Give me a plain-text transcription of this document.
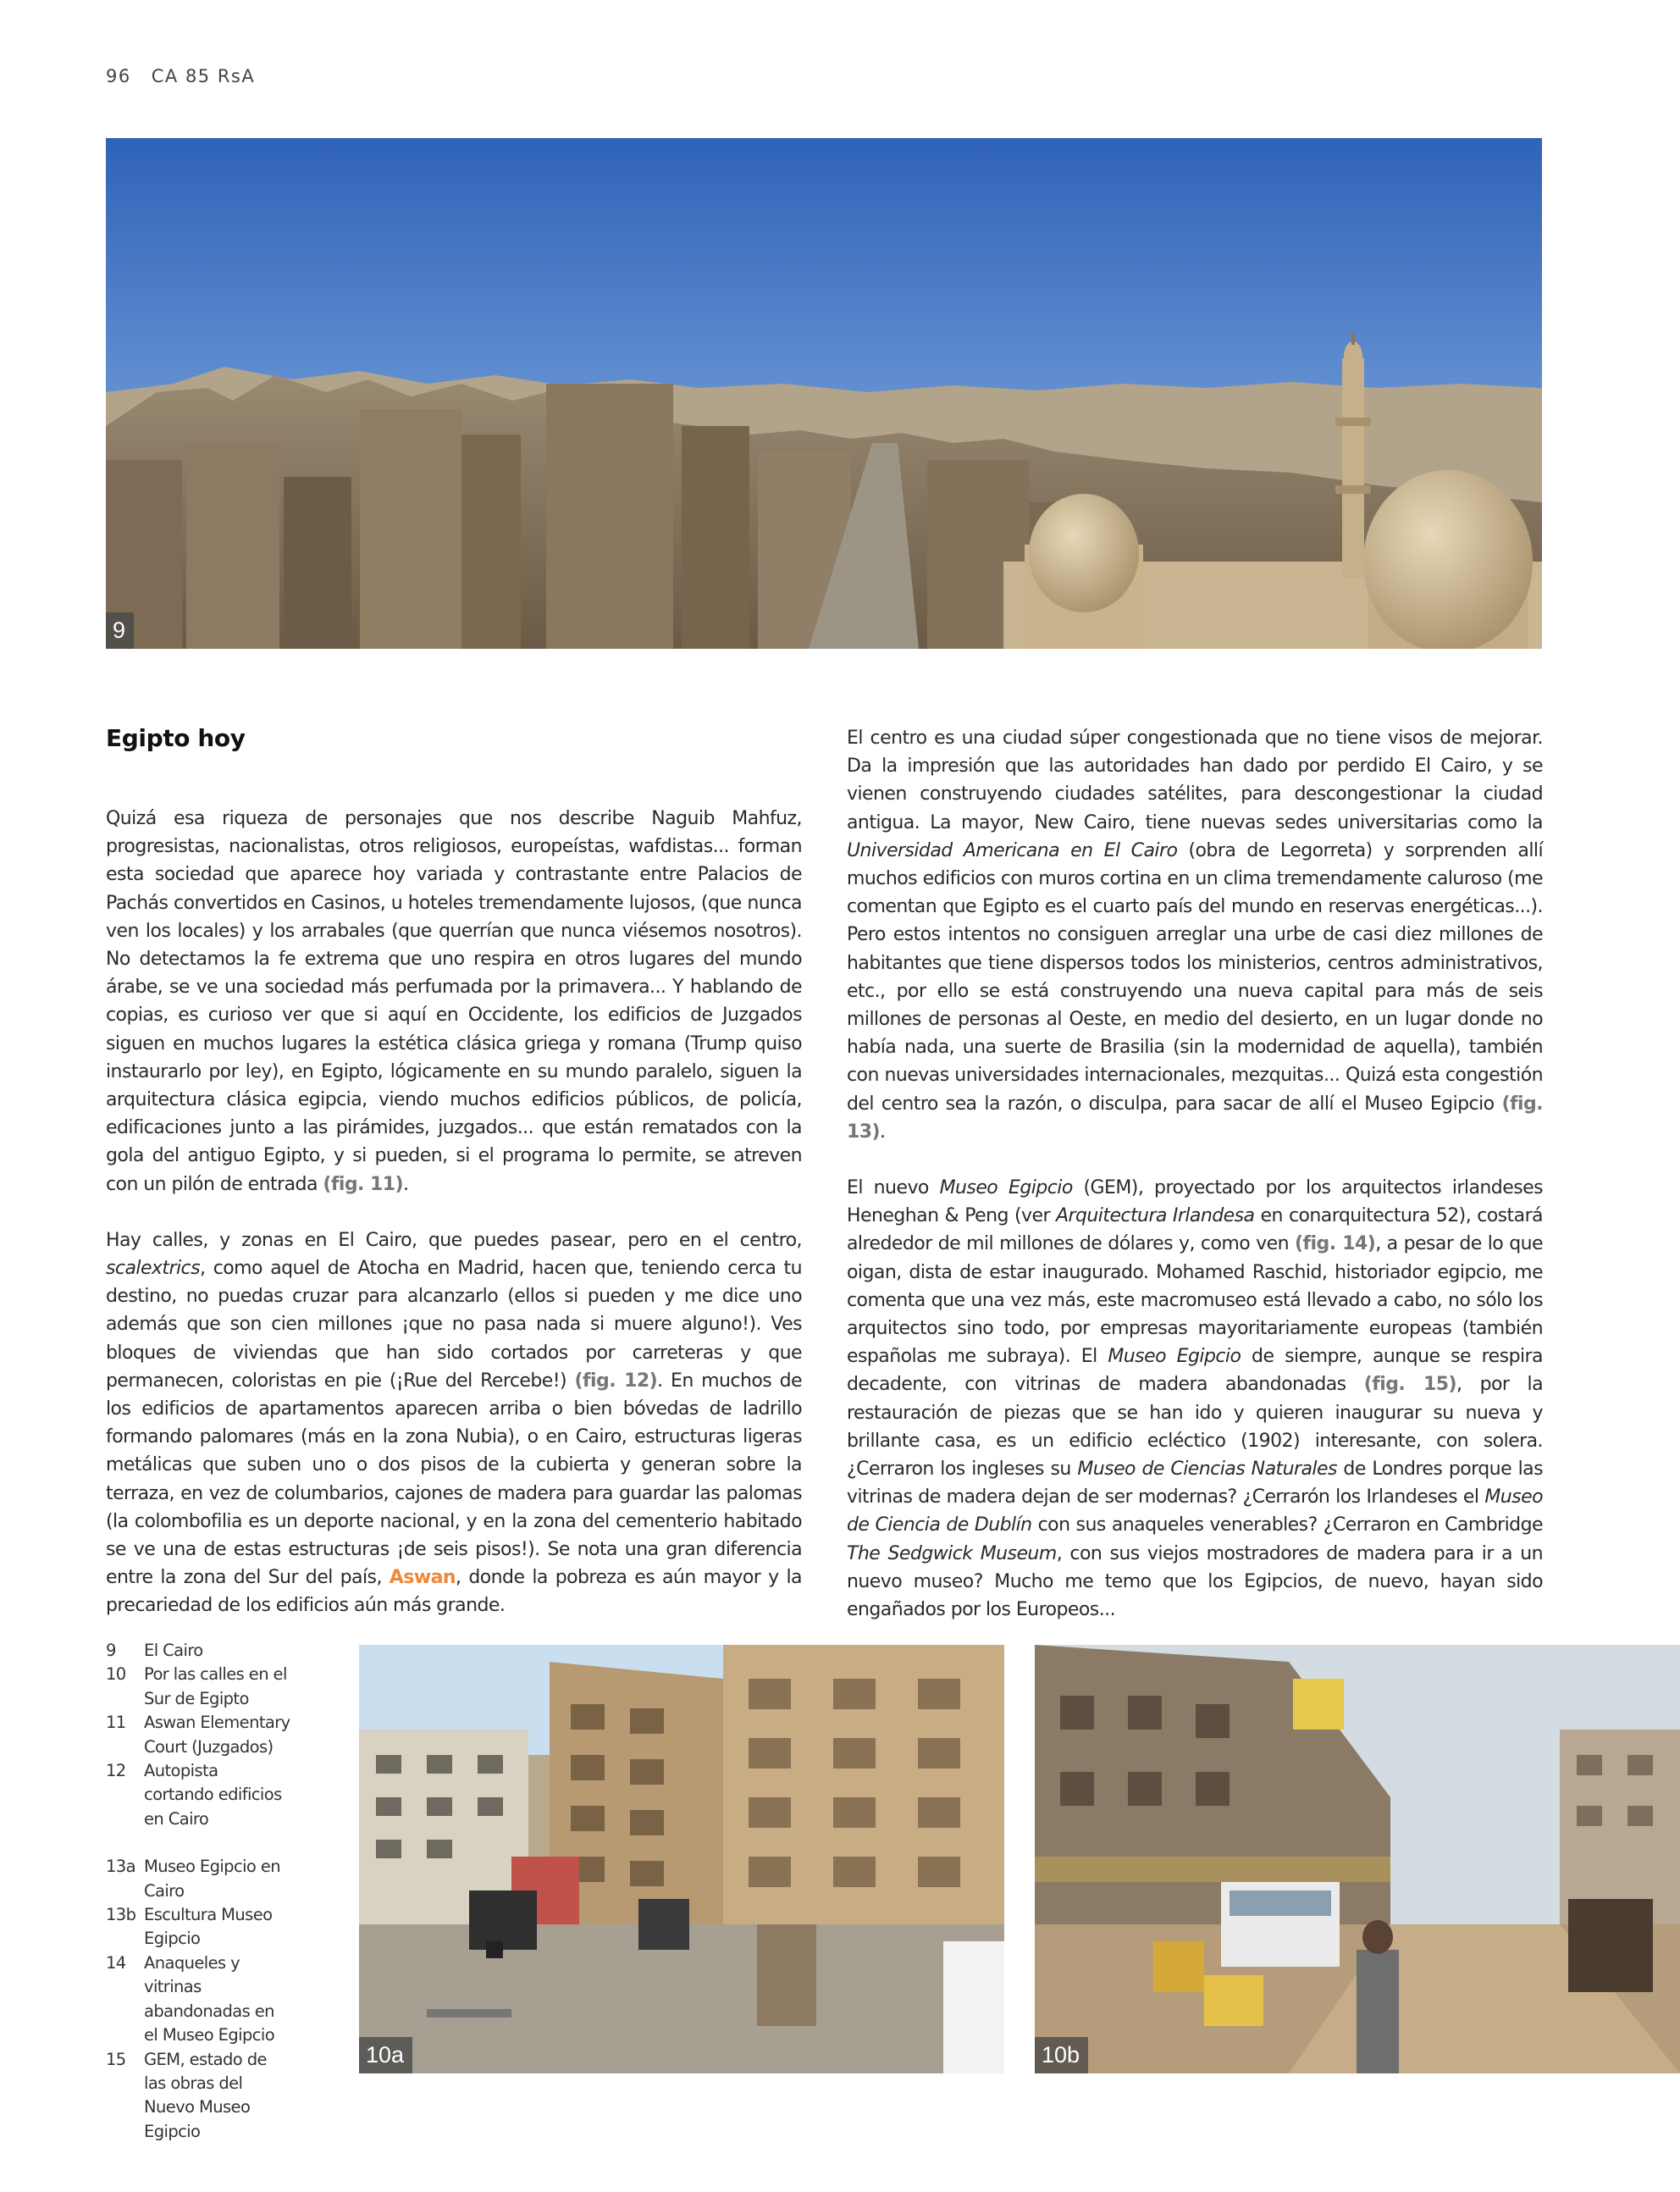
96 CA 85 RsA
9
Egipto hoy

Quizá esa riqueza de personajes que nos describe Naguib Mahfuz, progresistas, nacionalistas, otros religiosos, europeístas, wafdistas... forman esta sociedad que aparece hoy variada y contrastante entre Palacios de Pachás convertidos en Casinos, u hoteles tremendamente lujosos, (que nunca ven los locales) y los arrabales (que querrían que nunca viésemos nosotros). No detectamos la fe extrema que uno respira en otros lugares del mundo árabe, se ve una sociedad más perfumada por la primavera... Y hablando de copias, es curioso ver que si aquí en Occidente, los edificios de Juzgados siguen en muchos lugares la estética clásica griega y romana (Trump quiso instaurarlo por ley), en Egipto, lógicamente en su mundo paralelo, siguen la arquitectura clásica egipcia, viendo muchos edificios públicos, de policía, edificaciones junto a las pirámides, juzgados... que están rematados con la gola del antiguo Egipto, y si pueden, si el programa lo permite, se atreven con un pilón de entrada (fig. 11).

Hay calles, y zonas en El Cairo, que puedes pasear, pero en el centro, scalextrics, como aquel de Atocha en Madrid, hacen que, teniendo cerca tu destino, no puedas cruzar para alcanzarlo (ellos si pueden y me dice uno además que son cien millones ¡que no pasa nada si muere alguno!). Ves bloques de viviendas que han sido cortados por carreteras y que permanecen, coloristas en pie (¡Rue del Rercebe!) (fig. 12). En muchos de los edificios de apartamentos aparecen arriba o bien bóvedas de ladrillo formando palomares (más en la zona Nubia), o en Cairo, estructuras ligeras metálicas que suben uno o dos pisos de la cubierta y generan sobre la terraza, en vez de columbarios, cajones de madera para guardar las palomas (la colombofilia es un deporte nacional, y en la zona del cementerio habitado se ve una de estas estructuras ¡de seis pisos!). Se nota una gran diferencia entre la zona del Sur del país, Aswan, donde la pobreza es aún mayor y la precariedad de los edificios aún más grande.

El centro es una ciudad súper congestionada que no tiene visos de mejorar. Da la impresión que las autoridades han dado por perdido El Cairo, y se vienen construyendo ciudades satélites, para descongestionar la ciudad antigua. La mayor, New Cairo, tiene nuevas sedes universitarias como la Universidad Americana en El Cairo (obra de Legorreta) y sorprenden allí muchos edificios con muros cortina en un clima tremendamente caluroso (me comentan que Egipto es el cuarto país del mundo en reservas energéticas...). Pero estos intentos no consiguen arreglar una urbe de casi diez millones de habitantes que tiene dispersos todos los ministerios, centros administrativos, etc., por ello se está construyendo una nueva capital para más de seis millones de personas al Oeste, en medio del desierto, en un lugar donde no había nada, una suerte de Brasilia (sin la modernidad de aquella), también con nuevas universidades internacionales, mezquitas... Quizá esta congestión del centro sea la razón, o disculpa, para sacar de allí el Museo Egipcio (fig. 13).

El nuevo Museo Egipcio (GEM), proyectado por los arquitectos irlandeses Heneghan & Peng (ver Arquitectura Irlandesa en conarquitectura 52), costará alrededor de mil millones de dólares y, como ven (fig. 14), a pesar de lo que oigan, dista de estar inaugurado. Mohamed Raschid, historiador egipcio, me comenta que una vez más, este macromuseo está llevado a cabo, no sólo los arquitectos sino todo, por empresas mayoritariamente europeas (también españolas me subraya). El Museo Egipcio de siempre, aunque se respira decadente, con vitrinas de madera abandonadas (fig. 15), por la restauración de piezas que se han ido y quieren inaugurar su nueva y brillante casa, es un edificio ecléctico (1902) interesante, con solera. ¿Cerraron los ingleses su Museo de Ciencias Naturales de Londres porque las vitrinas de madera dejan de ser modernas? ¿Cerrarón los Irlandeses el Museo de Ciencia de Dublín con sus anaqueles venerables? ¿Cerraron en Cambridge The Sedgwick Museum, con sus viejos mostradores de madera para ir a un nuevo museo? Mucho me temo que los Egipcios, de nuevo, hayan sido engañados por los Europeos...

9	El Cairo
10	Por las calles en el Sur de Egipto
11	Aswan Elementary Court (Juzgados)
12	Autopista cortando edificios en Cairo
13a Museo Egipcio en Cairo
13b Escultura Museo Egipcio
14	Anaqueles y vitrinas abandonadas en el Museo Egipcio
15	GEM, estado de las obras del Nuevo Museo Egipcio
10a	10b
